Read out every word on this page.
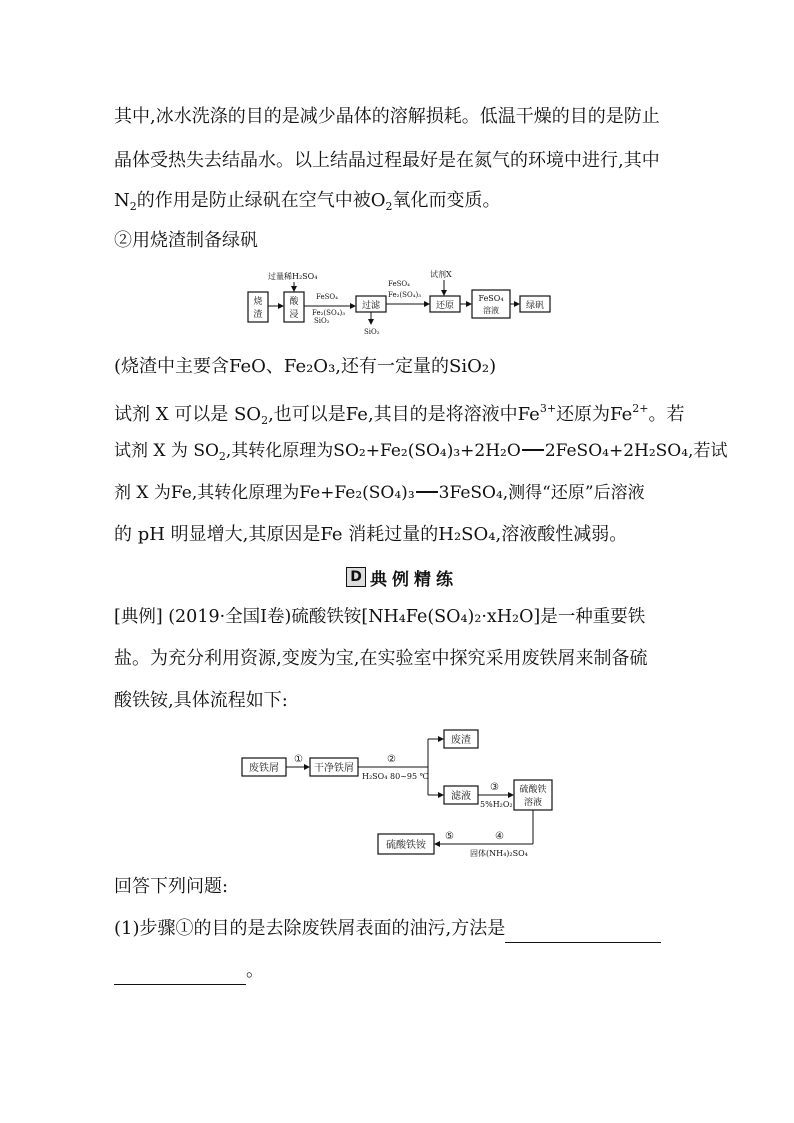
其中,冰水洗涤的目的是减少晶体的溶解损耗。低温干燥的目的是防止
晶体受热失去结晶水。以上结晶过程最好是在氮气的环境中进行,其中
$N_2$的作用是防止绿矾在空气中被$O_2$氧化而变质。
②用烧渣制备绿矾
烧
渣
酸
浸
过滤	还原
FeSO₄
溶液	绿矾
过量稀H₂SO₄
FeSO₄
Fe₂(SO₄)₃
SiO₂
SiO₂
FeSO₄
Fe₂(SO₄)₃
试剂X
(烧渣中主要含FeO、Fe₂O₃,还有一定量的SiO₂)
试剂 X 可以是 $SO_2$,也可以是Fe,其目的是将溶液中$Fe^{3+}$还原为$Fe^{2+}$。若
试剂 X 为 $SO_2$,其转化原理为SO₂+Fe₂(SO₄)₃+2H₂O 2FeSO₄+2H₂SO₄,若试
剂 X 为Fe,其转化原理为Fe+Fe₂(SO₄)₃ 3FeSO₄,测得“还原”后溶液
的 pH 明显增大,其原因是Fe 消耗过量的H₂SO₄,溶液酸性减弱。
D 典例精练
[典例] (2019·全国Ⅰ卷)硫酸铁铵[NH₄Fe(SO₄)₂·xH₂O]是一种重要铁
盐。为充分利用资源,变废为宝,在实验室中探究采用废铁屑来制备硫
酸铁铵,具体流程如下:
废铁屑	干净铁屑
废渣
滤液
硫酸铁
溶液
硫酸铁铵
①	②
H₂SO₄ 80~95 ℃
③
5%H₂O₂
④
固体(NH₄)₂SO₄
⑤
回答下列问题:
(1)步骤①的目的是去除废铁屑表面的油污,方法是
。
